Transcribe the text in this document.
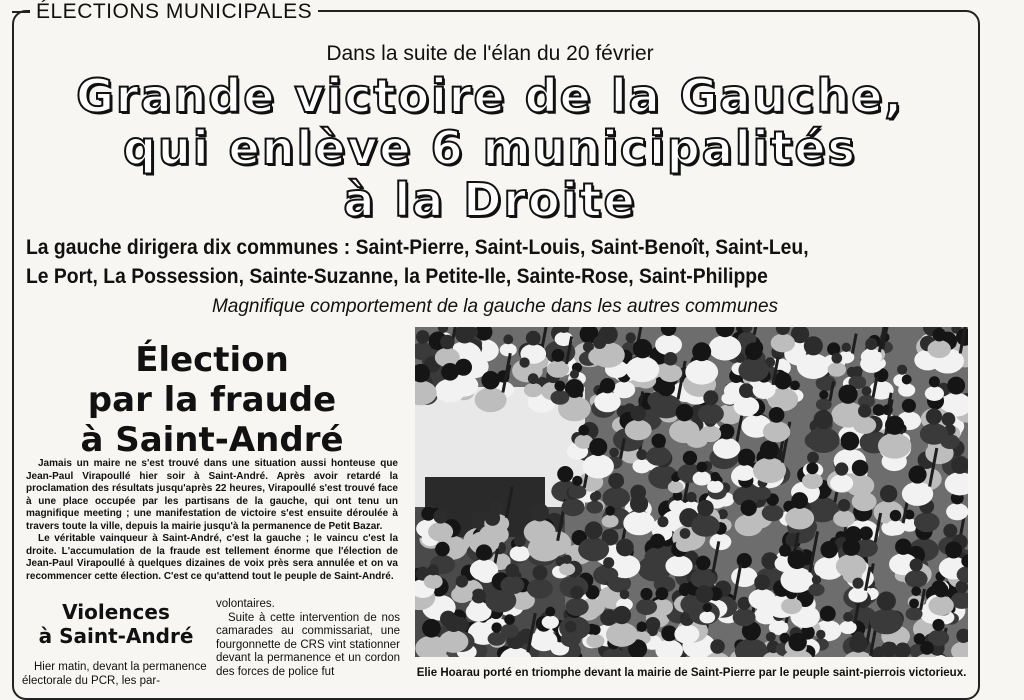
ÉLECTIONS MUNICIPALES
Dans la suite de l'élan du 20 février
Grande victoire de la Gauche,
qui enlève 6 municipalités
à la Droite
La gauche dirigera dix communes : Saint-Pierre, Saint-Louis, Saint-Benoît, Saint-Leu,
Le Port, La Possession, Sainte-Suzanne, la Petite-Ile, Sainte-Rose, Saint-Philippe
Magnifique comportement de la gauche dans les autres communes
Élection
par la fraude
à Saint-André

Jamais un maire ne s'est trouvé dans une situation aussi honteuse que Jean-Paul Virapoullé hier soir à Saint-André. Après avoir retardé la proclamation des résultats jusqu'après 22 heures, Virapoullé s'est trouvé face à une place occupée par les partisans de la gauche, qui ont tenu un magnifique meeting ; une manifestation de victoire s'est ensuite déroulée à travers toute la ville, depuis la mairie jusqu'à la permanence de Petit Bazar.

Le véritable vainqueur à Saint-André, c'est la gauche ; le vaincu c'est la droite. L'accumulation de la fraude est tellement énorme que l'élection de Jean-Paul Virapoullé à quelques dizaines de voix près sera annulée et on va recommencer cette élection. C'est ce qu'attend tout le peuple de Saint-André.

Violences
à Saint-André
Hier matin, devant la permanence électorale du PCR, les par-

volontaires.

Suite à cette intervention de nos camarades au commissariat, une fourgonnette de CRS vint stationner devant la permanence et un cordon des forces de police fut	Elie Hoarau porté en triomphe devant la mairie de Saint-Pierre par le peuple saint-pierrois victorieux.
